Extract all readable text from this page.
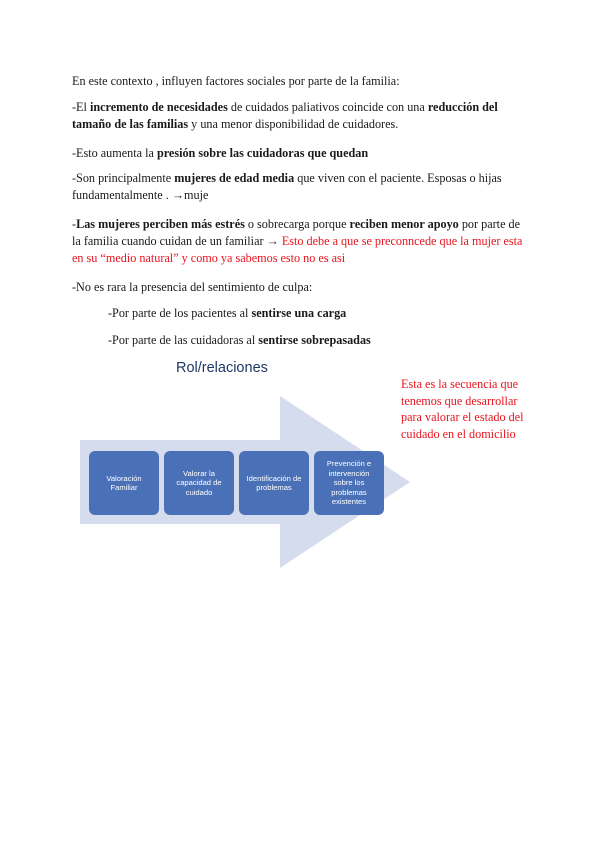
En este contexto , influyen factores sociales por parte de la familia:

-El incremento de necesidades de cuidados paliativos coincide con una reducción del tamaño de las familias y una menor disponibilidad de cuidadores.

-Esto aumenta la presión sobre las cuidadoras que quedan

-Son principalmente mujeres de edad media que viven con el paciente. Esposas o hijas fundamentalmente . →muje

-Las mujeres perciben más estrés o sobrecarga porque reciben menor apoyo por parte de la familia cuando cuidan de un familiar → Esto debe a que se preconncede que la mujer esta en su “medio natural” y como ya sabemos esto no es asi

-No es rara la presencia del sentimiento de culpa:

-Por parte de los pacientes al sentirse una carga

-Por parte de las cuidadoras al sentirse sobrepasadas

Rol/relaciones

Esta es la secuencia que tenemos que desarrollar para valorar el estado del cuidado en el domicilio

Valoración Familiar
Valorar la capacidad de cuidado
Identificación de problemas
Prevención e intervención sobre los problemas existentes
